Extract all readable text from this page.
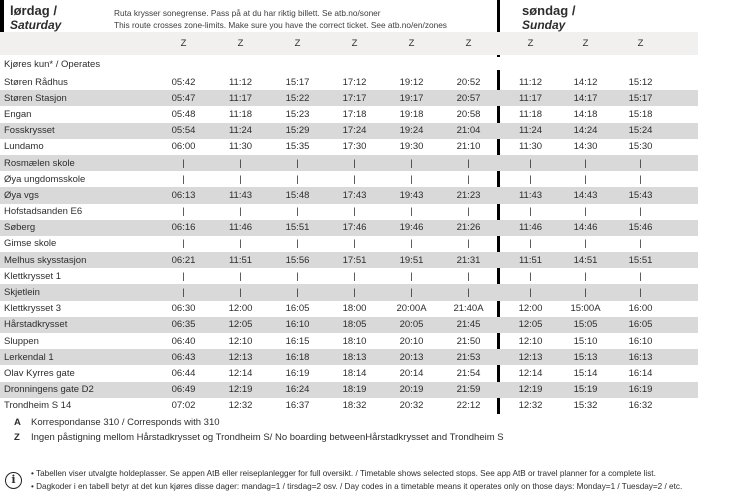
lørdag /
Saturday
Ruta krysser sonegrense. Pass på at du har riktig billett. Se atb.no/soner
This route crosses zone-limits. Make sure you have the correct ticket. See atb.no/en/zones
søndag /
Sunday
Z	Z	Z	Z	Z	Z	Z	Z	Z
Kjøres kun* / Operates
Støren Rådhus	05:42	11:12	15:17	17:12	19:12	20:52	11:12	14:12	15:12
Støren Stasjon	05:47	11:17	15:22	17:17	19:17	20:57	11:17	14:17	15:17
Engan	05:48	11:18	15:23	17:18	19:18	20:58	11:18	14:18	15:18
Fosskrysset	05:54	11:24	15:29	17:24	19:24	21:04	11:24	14:24	15:24
Lundamo	06:00	11:30	15:35	17:30	19:30	21:10	11:30	14:30	15:30
Rosmælen skole	|	|	|	|	|	|	|	|	|
Øya ungdomsskole	|	|	|	|	|	|	|	|	|
Øya vgs	06:13	11:43	15:48	17:43	19:43	21:23	11:43	14:43	15:43
Hofstadsanden E6	|	|	|	|	|	|	|	|	|
Søberg	06:16	11:46	15:51	17:46	19:46	21:26	11:46	14:46	15:46
Gimse skole	|	|	|	|	|	|	|	|	|
Melhus skysstasjon	06:21	11:51	15:56	17:51	19:51	21:31	11:51	14:51	15:51
Klettkrysset 1	|	|	|	|	|	|	|	|	|
Skjetlein	|	|	|	|	|	|	|	|	|
Klettkrysset 3	06:30	12:00	16:05	18:00	20:00A	21:40A	12:00	15:00A	16:00
Hårstadkrysset	06:35	12:05	16:10	18:05	20:05	21:45	12:05	15:05	16:05
Sluppen	06:40	12:10	16:15	18:10	20:10	21:50	12:10	15:10	16:10
Lerkendal 1	06:43	12:13	16:18	18:13	20:13	21:53	12:13	15:13	16:13
Olav Kyrres gate	06:44	12:14	16:19	18:14	20:14	21:54	12:14	15:14	16:14
Dronningens gate D2	06:49	12:19	16:24	18:19	20:19	21:59	12:19	15:19	16:19
Trondheim S 14	07:02	12:32	16:37	18:32	20:32	22:12	12:32	15:32	16:32
A	Korrespondanse 310 / Corresponds with 310
Z	Ingen påstigning mellom Hårstadkrysset og Trondheim S/ No boarding betweenHårstadkrysset and Trondheim S
i	• Tabellen viser utvalgte holdeplasser. Se appen AtB eller reiseplanlegger for full oversikt. / Timetable shows selected stops. See app AtB or travel planner for a complete list.
• Dagkoder i en tabell betyr at det kun kjøres disse dager: mandag=1 / tirsdag=2 osv. / Day codes in a timetable means it operates only on those days: Monday=1 / Tuesday=2 / etc.
